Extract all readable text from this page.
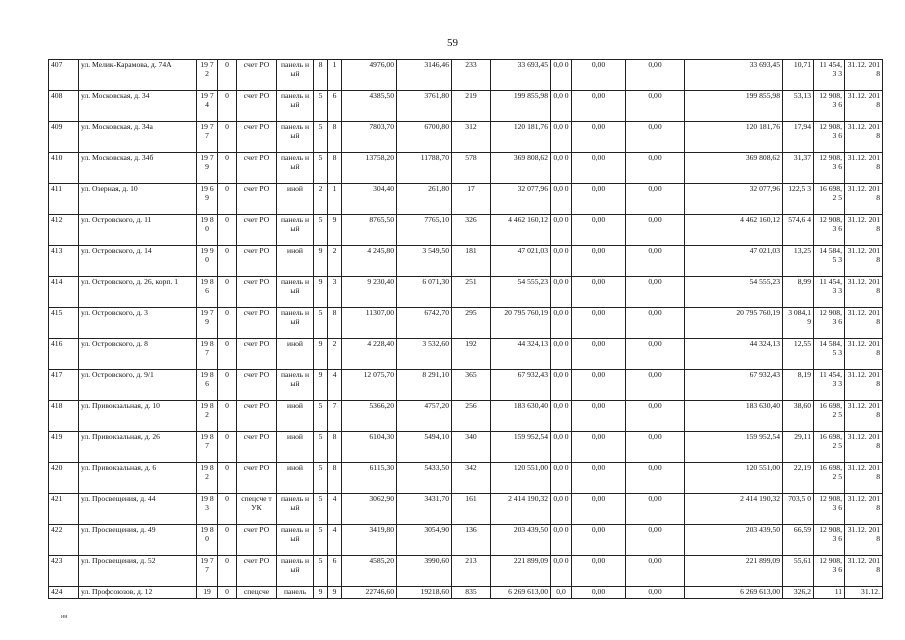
59
407	ул. Мелик-Карамова, д. 74А	19 72	0	счет РО	панель ный	8	1	4976,00	3146,46	233	33 693,45	0,0 0	0,00	0,00	33 693,45	10,71	11 454,3 3	31.12. 2018
408	ул. Московская, д. 34	19 74	0	счет РО	панель ный	5	6	4385,50	3761,80	219	199 855,98	0,0 0	0,00	0,00	199 855,98	53,13	12 908,3 6	31.12. 2018
409	ул. Московская, д. 34а	19 77	0	счет РО	панель ный	5	8	7803,70	6700,80	312	120 181,76	0,0 0	0,00	0,00	120 181,76	17,94	12 908,3 6	31.12. 2018
410	ул. Московская, д. 34б	19 79	0	счет РО	панель ный	5	8	13758,20	11788,70	578	369 808,62	0,0 0	0,00	0,00	369 808,62	31,37	12 908,3 6	31.12. 2018
411	ул. Озерная, д. 10	19 69	0	счет РО	иной	2	1	304,40	261,80	17	32 077,96	0,0 0	0,00	0,00	32 077,96	122,5 3	16 698,2 5	31.12. 2018
412	ул. Островского, д. 11	19 80	0	счет РО	панель ный	5	9	8765,50	7765,10	326	4 462 160,12	0,0 0	0,00	0,00	4 462 160,12	574,6 4	12 908,3 6	31.12. 2018
413	ул. Островского, д. 14	19 90	0	счет РО	иной	9	2	4 245,80	3 549,50	181	47 021,03	0,0 0	0,00	0,00	47 021,03	13,25	14 584,5 3	31.12. 2018
414	ул. Островского, д. 26, корп. 1	19 86	0	счет РО	панель ный	9	3	9 230,40	6 071,30	251	54 555,23	0,0 0	0,00	0,00	54 555,23	8,99	11 454,3 3	31.12. 2018
415	ул. Островского, д. 3	19 79	0	счет РО	панель ный	5	8	11307,00	6742,70	295	20 795 760,19	0,0 0	0,00	0,00	20 795 760,19	3 084,1 9	12 908,3 6	31.12. 2018
416	ул. Островского, д. 8	19 87	0	счет РО	иной	9	2	4 228,40	3 532,60	192	44 324,13	0,0 0	0,00	0,00	44 324,13	12,55	14 584,5 3	31.12. 2018
417	ул. Островского, д. 9/1	19 86	0	счет РО	панель ный	9	4	12 075,70	8 291,10	365	67 932,43	0,0 0	0,00	0,00	67 932,43	8,19	11 454,3 3	31.12. 2018
418	ул. Привокзальная, д. 10	19 82	0	счет РО	иной	5	7	5366,20	4757,20	256	183 630,40	0,0 0	0,00	0,00	183 630,40	38,60	16 698,2 5	31.12. 2018
419	ул. Привокзальная, д. 26	19 87	0	счет РО	иной	5	8	6104,30	5494,10	340	159 952,54	0,0 0	0,00	0,00	159 952,54	29,11	16 698,2 5	31.12. 2018
420	ул. Привокзальная, д. 6	19 82	0	счет РО	иной	5	8	6115,30	5433,50	342	120 551,00	0,0 0	0,00	0,00	120 551,00	22,19	16 698,2 5	31.12. 2018
421	ул. Просвещения, д. 44	19 83	0	спецсче т УК	панель ный	5	4	3062,90	3431,70	161	2 414 190,32	0,0 0	0,00	0,00	2 414 190,32	703,5 0	12 908,3 6	31.12. 2018
422	ул. Просвещения, д. 49	19 80	0	счет РО	панель ный	5	4	3419,80	3054,90	136	203 439,50	0,0 0	0,00	0,00	203 439,50	66,59	12 908,3 6	31.12. 2018
423	ул. Просвещения, д. 52	19 77	0	счет РО	панель ный	5	6	4585,20	3990,60	213	221 899,09	0,0 0	0,00	0,00	221 899,09	55,61	12 908,3 6	31.12. 2018
424	ул. Профсоюзов, д. 12	19	0	спецсче	панель	9	9	22746,60	19218,60	835	6 269 613,00	0,0	0,00	0,00	6 269 613,00	326,2	11	31.12.
нн
